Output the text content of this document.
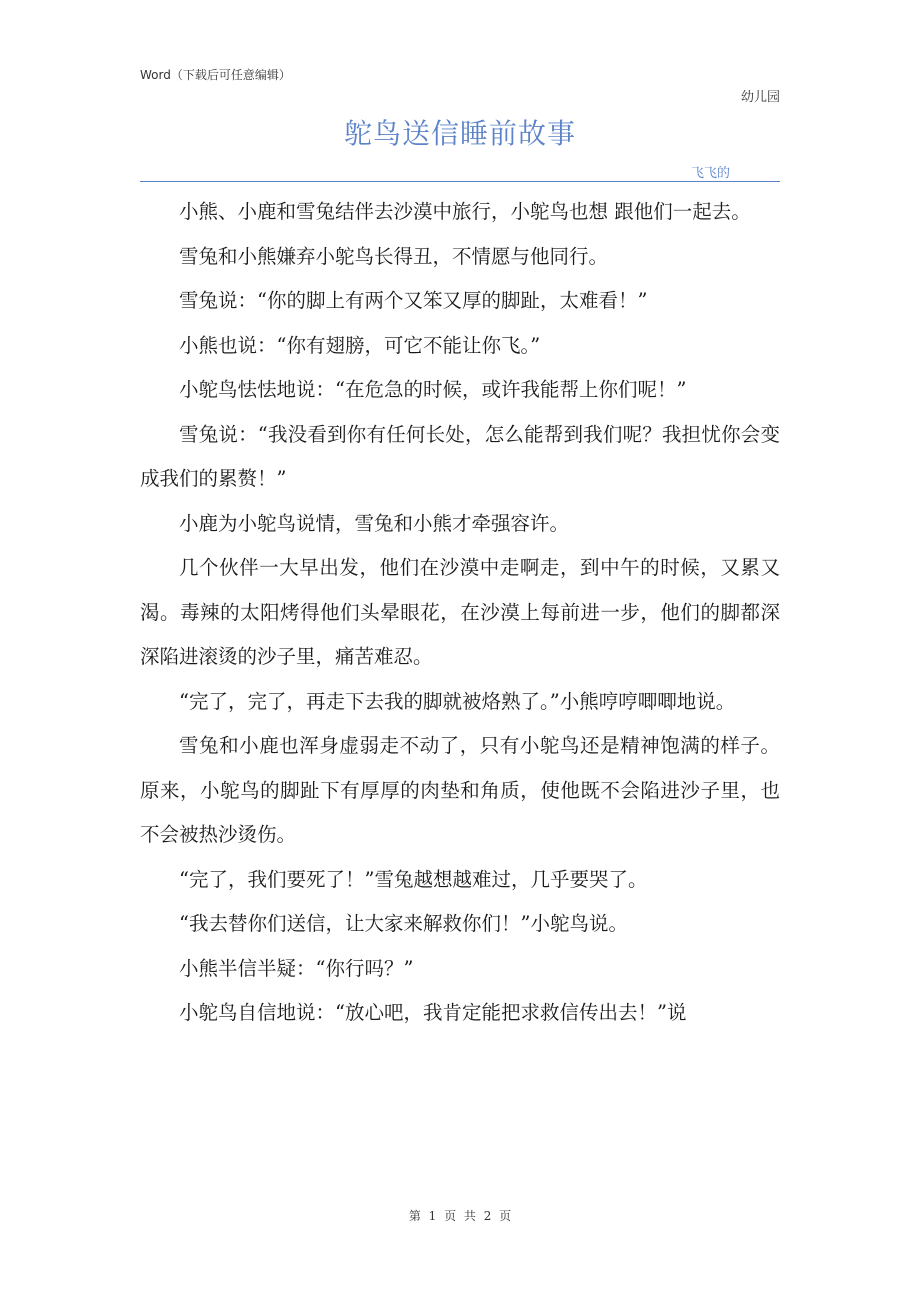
Word（下载后可任意编辑）
幼儿园
鸵鸟送信睡前故事
飞飞的

小熊、小鹿和雪兔结伴去沙漠中旅行，小鸵鸟也想 跟他们一起去。

雪兔和小熊嫌弃小鸵鸟长得丑，不情愿与他同行。

雪兔说：“你的脚上有两个又笨又厚的脚趾，太难看！”

小熊也说：“你有翅膀，可它不能让你飞。”

小鸵鸟怯怯地说：“在危急的时候，或许我能帮上你们呢！”

雪兔说：“我没看到你有任何长处，怎么能帮到我们呢？我担忧你会变成我们的累赘！”

小鹿为小鸵鸟说情，雪兔和小熊才牵强容许。

几个伙伴一大早出发，他们在沙漠中走啊走，到中午的时候，又累又渴。毒辣的太阳烤得他们头晕眼花，在沙漠上每前进一步，他们的脚都深深陷进滚烫的沙子里，痛苦难忍。

“完了，完了，再走下去我的脚就被烙熟了。”小熊哼哼唧唧地说。

雪兔和小鹿也浑身虚弱走不动了，只有小鸵鸟还是精神饱满的样子。原来，小鸵鸟的脚趾下有厚厚的肉垫和角质，使他既不会陷进沙子里，也不会被热沙烫伤。

“完了，我们要死了！”雪兔越想越难过，几乎要哭了。

“我去替你们送信，让大家来解救你们！”小鸵鸟说。

小熊半信半疑：“你行吗？”

小鸵鸟自信地说：“放心吧，我肯定能把求救信传出去！”说

第 1 页 共 2 页
